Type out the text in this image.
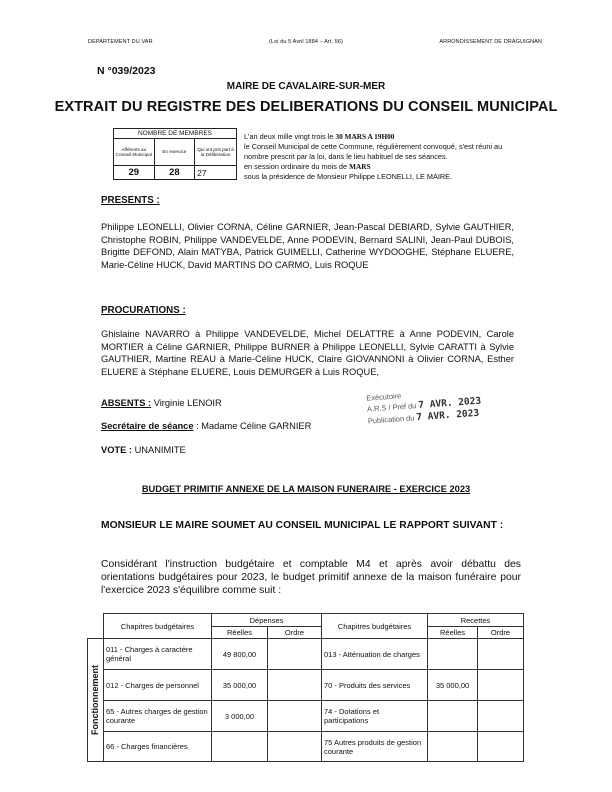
DEPARTEMENT DU VAR	(Loi du 5 Avril 1884 – Art. 56)	ARRONDISSEMENT DE DRAGUIGNAN
N °039/2023
MAIRE DE CAVALAIRE-SUR-MER
EXTRAIT DU REGISTRE DES DELIBERATIONS DU CONSEIL MUNICIPAL
NOMBRE DE MEMBRES		
Afférents au Conseil Municipal	En exercice	Qui ont pris part à la Délibération
29	28	27
L'an deux mille vingt trois le 30 MARS A 19H00
le Conseil Municipal de cette Commune, régulièrement convoqué, s'est réuni au nombre prescrit par la loi, dans le lieu habituel de ses séances.
en session ordinaire du mois de MARS
sous la présidence de Monsieur Philippe LEONELLI, LE MAIRE.
PRESENTS :
Philippe LEONELLI, Olivier CORNA, Céline GARNIER, Jean-Pascal DEBIARD, Sylvie GAUTHIER, Christophe ROBIN, Philippe VANDEVELDE, Anne PODEVIN, Bernard SALINI, Jean-Paul DUBOIS, Brigitte DEFOND, Alain MATYBA, Patrick GUIMELLI, Catherine WYDOOGHE, Stéphane ELUERE, Marie-Céline HUCK, David MARTINS DO CARMO, Luis ROQUE
PROCURATIONS :
Ghislaine NAVARRO à Philippe VANDEVELDE, Michel DELATTRE à Anne PODEVIN, Carole MORTIER à Céline GARNIER, Philippe BURNER à Philippe LEONELLI, Sylvie CARATTI à Sylvie GAUTHIER, Martine REAU à Marie-Céline HUCK, Claire GIOVANNONI à Olivier CORNA, Esther ELUERE à Stéphane ELUERE, Louis DEMURGER à Luis ROQUE,
ABSENTS : Virginie LENOIR
Secrétaire de séance : Madame Céline GARNIER
VOTE : UNANIMITE
Exécutoire
A.R.S / Pref du 7 AVR. 2023
Publication du 7 AVR. 2023
BUDGET PRIMITIF ANNEXE DE LA MAISON FUNERAIRE - EXERCICE 2023
MONSIEUR LE MAIRE SOUMET AU CONSEIL MUNICIPAL LE RAPPORT SUIVANT :
Considérant l'instruction budgétaire et comptable M4 et après avoir débattu des orientations budgétaires pour 2023, le budget primitif annexe de la maison funéraire pour l'exercice 2023 s'équilibre comme suit :
	Chapitres budgétaires	Dépenses		Chapitres budgétaires	Recettes	
		Réelles	Ordre		Réelles	Ordre

Fonctionnement	011 - Charges à caractère général	49 800,00		013 - Atténuation de charges		
	012 - Charges de personnel	35 000,00		70 - Produits des services	35 000,00	
	65 - Autres charges de gestion courante	3 000,00		74 - Dotations et participations		
	66 - Charges financières			75 Autres produits de gestion courante		
